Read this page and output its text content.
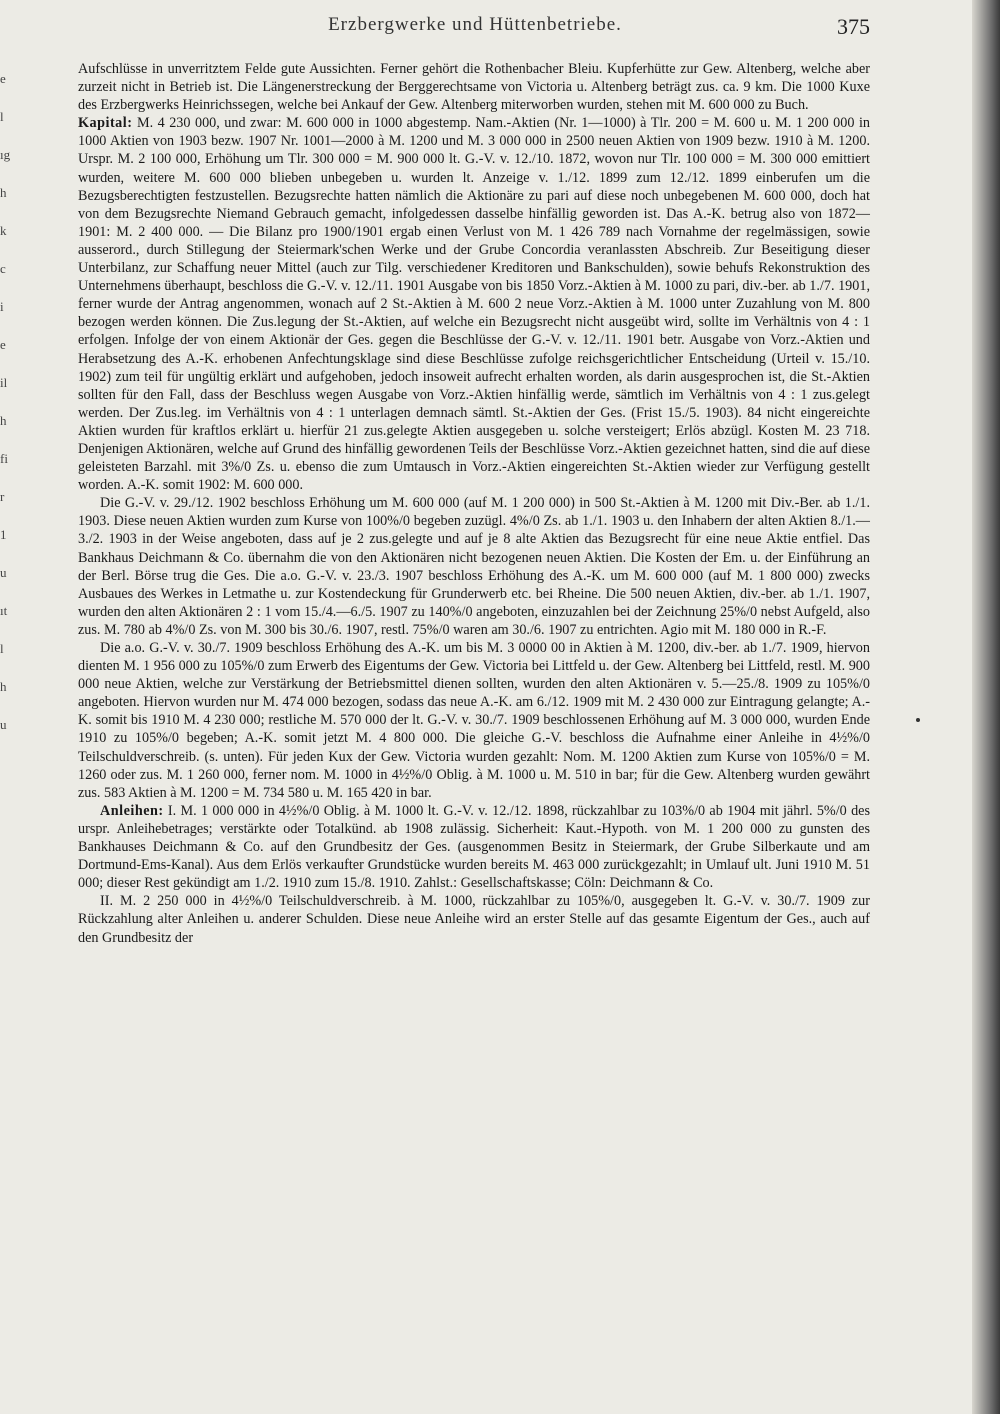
e
l
ıg
h
k
c
i
e
il
h
fi
r
1
u
ıt
l
h
u
Erzbergwerke und Hüttenbetriebe.	375

Aufschlüsse in unverritztem Felde gute Aussichten. Ferner gehört die Rothenbacher Bleiu. Kupferhütte zur Gew. Altenberg, welche aber zurzeit nicht in Betrieb ist. Die Längenerstreckung der Berggerechtsame von Victoria u. Altenberg beträgt zus. ca. 9 km. Die 1000 Kuxe des Erzbergwerks Heinrichssegen, welche bei Ankauf der Gew. Altenberg miterworben wurden, stehen mit M. 600 000 zu Buch.

Kapital: M. 4 230 000, und zwar: M. 600 000 in 1000 abgestemp. Nam.-Aktien (Nr. 1—1000) à Tlr. 200 = M. 600 u. M. 1 200 000 in 1000 Aktien von 1903 bezw. 1907 Nr. 1001—2000 à M. 1200 und M. 3 000 000 in 2500 neuen Aktien von 1909 bezw. 1910 à M. 1200. Urspr. M. 2 100 000, Erhöhung um Tlr. 300 000 = M. 900 000 lt. G.-V. v. 12./10. 1872, wovon nur Tlr. 100 000 = M. 300 000 emittiert wurden, weitere M. 600 000 blieben unbegeben u. wurden lt. Anzeige v. 1./12. 1899 zum 12./12. 1899 einberufen um die Bezugsberechtigten festzustellen. Bezugsrechte hatten nämlich die Aktionäre zu pari auf diese noch unbegebenen M. 600 000, doch hat von dem Bezugsrechte Niemand Gebrauch gemacht, infolgedessen dasselbe hinfällig geworden ist. Das A.-K. betrug also von 1872—1901: M. 2 400 000. — Die Bilanz pro 1900/1901 ergab einen Verlust von M. 1 426 789 nach Vornahme der regelmässigen, sowie ausserord., durch Stillegung der Steiermark'schen Werke und der Grube Concordia veranlassten Abschreib. Zur Beseitigung dieser Unterbilanz, zur Schaffung neuer Mittel (auch zur Tilg. verschiedener Kreditoren und Bankschulden), sowie behufs Rekonstruktion des Unternehmens überhaupt, beschloss die G.-V. v. 12./11. 1901 Ausgabe von bis 1850 Vorz.-Aktien à M. 1000 zu pari, div.-ber. ab 1./7. 1901, ferner wurde der Antrag angenommen, wonach auf 2 St.-Aktien à M. 600 2 neue Vorz.-Aktien à M. 1000 unter Zuzahlung von M. 800 bezogen werden können. Die Zus.legung der St.-Aktien, auf welche ein Bezugsrecht nicht ausgeübt wird, sollte im Verhältnis von 4 : 1 erfolgen. Infolge der von einem Aktionär der Ges. gegen die Beschlüsse der G.-V. v. 12./11. 1901 betr. Ausgabe von Vorz.-Aktien und Herabsetzung des A.-K. erhobenen Anfechtungsklage sind diese Beschlüsse zufolge reichsgerichtlicher Entscheidung (Urteil v. 15./10. 1902) zum teil für ungültig erklärt und aufgehoben, jedoch insoweit aufrecht erhalten worden, als darin ausgesprochen ist, die St.-Aktien sollten für den Fall, dass der Beschluss wegen Ausgabe von Vorz.-Aktien hinfällig werde, sämtlich im Verhältnis von 4 : 1 zus.gelegt werden. Der Zus.leg. im Verhältnis von 4 : 1 unterlagen demnach sämtl. St.-Aktien der Ges. (Frist 15./5. 1903). 84 nicht eingereichte Aktien wurden für kraftlos erklärt u. hierfür 21 zus.gelegte Aktien ausgegeben u. solche versteigert; Erlös abzügl. Kosten M. 23 718. Denjenigen Aktionären, welche auf Grund des hinfällig gewordenen Teils der Beschlüsse Vorz.-Aktien gezeichnet hatten, sind die auf diese geleisteten Barzahl. mit 3%/0 Zs. u. ebenso die zum Umtausch in Vorz.-Aktien eingereichten St.-Aktien wieder zur Verfügung gestellt worden. A.-K. somit 1902: M. 600 000.

Die G.-V. v. 29./12. 1902 beschloss Erhöhung um M. 600 000 (auf M. 1 200 000) in 500 St.-Aktien à M. 1200 mit Div.-Ber. ab 1./1. 1903. Diese neuen Aktien wurden zum Kurse von 100%/0 begeben zuzügl. 4%/0 Zs. ab 1./1. 1903 u. den Inhabern der alten Aktien 8./1.—3./2. 1903 in der Weise angeboten, dass auf je 2 zus.gelegte und auf je 8 alte Aktien das Bezugsrecht für eine neue Aktie entfiel. Das Bankhaus Deichmann & Co. übernahm die von den Aktionären nicht bezogenen neuen Aktien. Die Kosten der Em. u. der Einführung an der Berl. Börse trug die Ges. Die a.o. G.-V. v. 23./3. 1907 beschloss Erhöhung des A.-K. um M. 600 000 (auf M. 1 800 000) zwecks Ausbaues des Werkes in Letmathe u. zur Kostendeckung für Grunderwerb etc. bei Rheine. Die 500 neuen Aktien, div.-ber. ab 1./1. 1907, wurden den alten Aktionären 2 : 1 vom 15./4.—6./5. 1907 zu 140%/0 angeboten, einzuzahlen bei der Zeichnung 25%/0 nebst Aufgeld, also zus. M. 780 ab 4%/0 Zs. von M. 300 bis 30./6. 1907, restl. 75%/0 waren am 30./6. 1907 zu entrichten. Agio mit M. 180 000 in R.-F.

Die a.o. G.-V. v. 30./7. 1909 beschloss Erhöhung des A.-K. um bis M. 3 0000 00 in Aktien à M. 1200, div.-ber. ab 1./7. 1909, hiervon dienten M. 1 956 000 zu 105%/0 zum Erwerb des Eigentums der Gew. Victoria bei Littfeld u. der Gew. Altenberg bei Littfeld, restl. M. 900 000 neue Aktien, welche zur Verstärkung der Betriebsmittel dienen sollten, wurden den alten Aktionären v. 5.—25./8. 1909 zu 105%/0 angeboten. Hiervon wurden nur M. 474 000 bezogen, sodass das neue A.-K. am 6./12. 1909 mit M. 2 430 000 zur Eintragung gelangte; A.-K. somit bis 1910 M. 4 230 000; restliche M. 570 000 der lt. G.-V. v. 30./7. 1909 beschlossenen Erhöhung auf M. 3 000 000, wurden Ende 1910 zu 105%/0 begeben; A.-K. somit jetzt M. 4 800 000. Die gleiche G.-V. beschloss die Aufnahme einer Anleihe in 4½%/0 Teilschuldverschreib. (s. unten). Für jeden Kux der Gew. Victoria wurden gezahlt: Nom. M. 1200 Aktien zum Kurse von 105%/0 = M. 1260 oder zus. M. 1 260 000, ferner nom. M. 1000 in 4½%/0 Oblig. à M. 1000 u. M. 510 in bar; für die Gew. Altenberg wurden gewährt zus. 583 Aktien à M. 1200 = M. 734 580 u. M. 165 420 in bar.

Anleihen: I. M. 1 000 000 in 4½%/0 Oblig. à M. 1000 lt. G.-V. v. 12./12. 1898, rückzahlbar zu 103%/0 ab 1904 mit jährl. 5%/0 des urspr. Anleihebetrages; verstärkte oder Totalkünd. ab 1908 zulässig. Sicherheit: Kaut.-Hypoth. von M. 1 200 000 zu gunsten des Bankhauses Deichmann & Co. auf den Grundbesitz der Ges. (ausgenommen Besitz in Steiermark, der Grube Silberkaute und am Dortmund-Ems-Kanal). Aus dem Erlös verkaufter Grundstücke wurden bereits M. 463 000 zurückgezahlt; in Umlauf ult. Juni 1910 M. 51 000; dieser Rest gekündigt am 1./2. 1910 zum 15./8. 1910. Zahlst.: Gesellschaftskasse; Cöln: Deichmann & Co.

II. M. 2 250 000 in 4½%/0 Teilschuldverschreib. à M. 1000, rückzahlbar zu 105%/0, ausgegeben lt. G.-V. v. 30./7. 1909 zur Rückzahlung alter Anleihen u. anderer Schulden. Diese neue Anleihe wird an erster Stelle auf das gesamte Eigentum der Ges., auch auf den Grundbesitz der
